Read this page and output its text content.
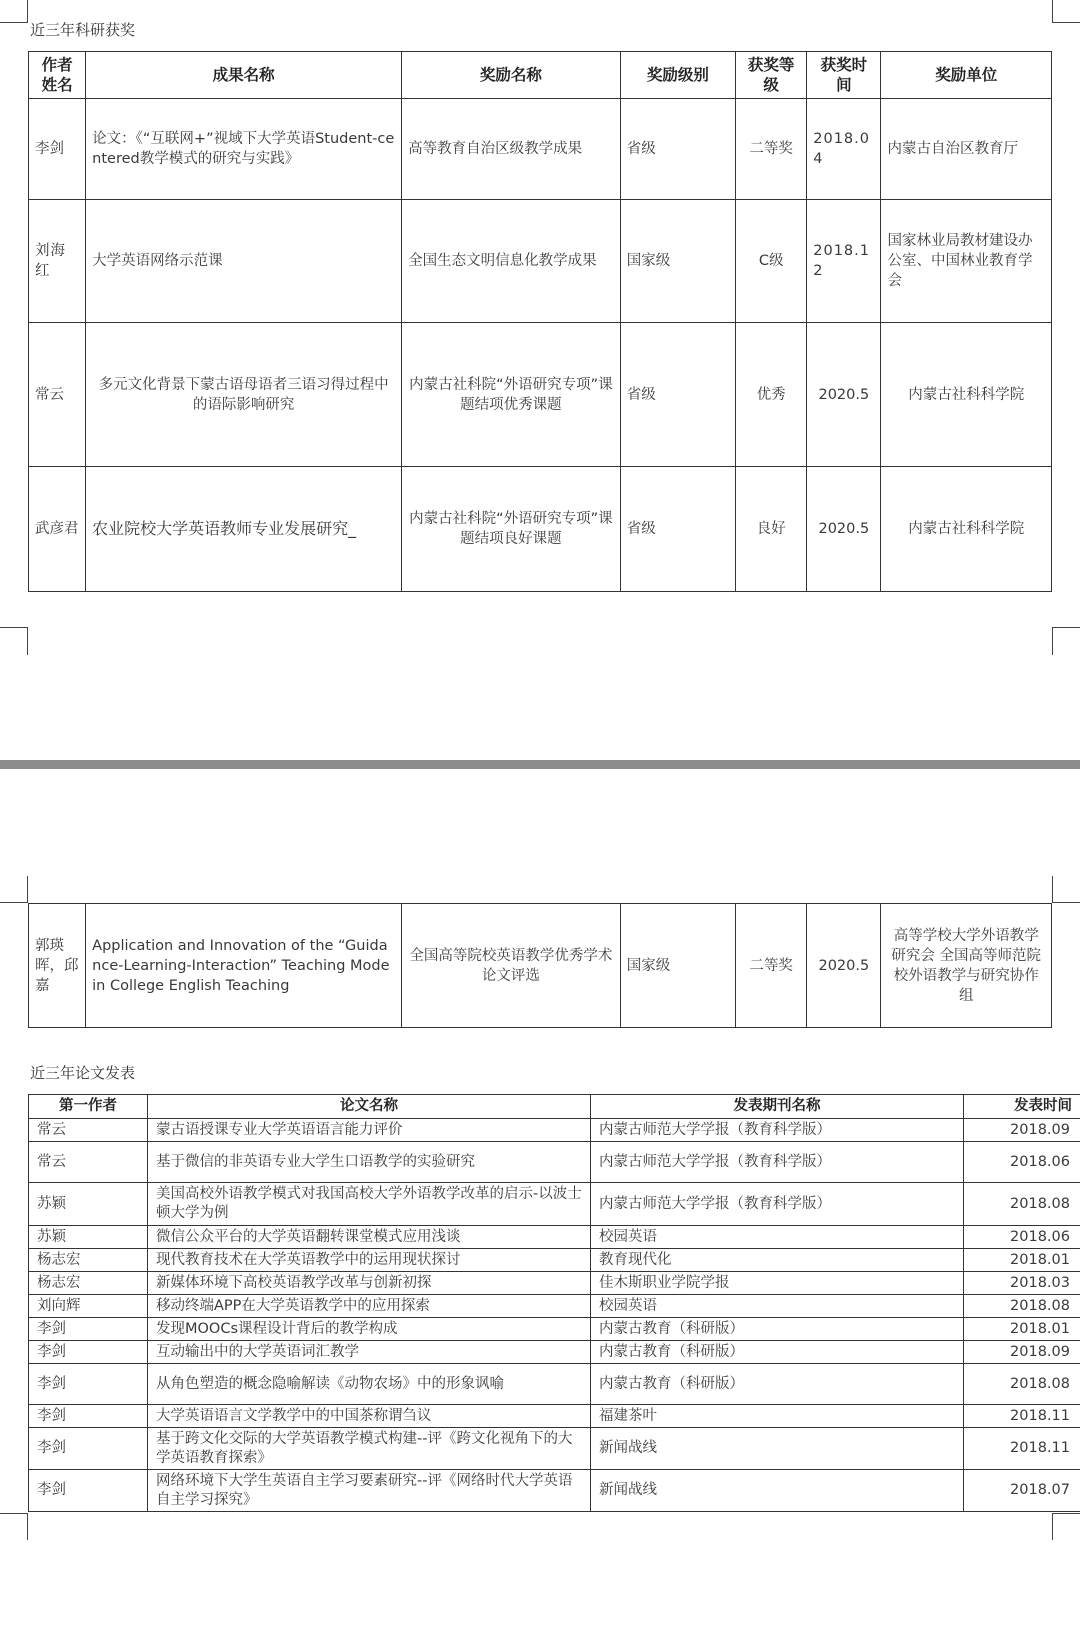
近三年科研获奖
作者姓名	成果名称	奖励名称	奖励级别	获奖等级	获奖时间	奖励单位
李剑	论文：《“互联网+”视域下大学英语Student-centered教学模式的研究与实践》	高等教育自治区级教学成果	省级	二等奖	2018.04	内蒙古自治区教育厅
刘海红	大学英语网络示范课	全国生态文明信息化教学成果	国家级	C级	2018.12	国家林业局教材建设办公室、中国林业教育学会
常云	多元文化背景下蒙古语母语者三语习得过程中的语际影响研究	内蒙古社科院“外语研究专项”课题结项优秀课题	省级	优秀	2020.5	内蒙古社科科学院
武彦君	农业院校大学英语教师专业发展研究_	内蒙古社科院“外语研究专项”课题结项良好课题	省级	良好	2020.5	内蒙古社科科学院
郭瑛晖，邱嘉	Application and Innovation of the “Guidance-Learning-Interaction” Teaching Mode in College English Teaching	全国高等院校英语教学优秀学术论文评选	国家级	二等奖	2020.5	高等学校大学外语教学研究会 全国高等师范院校外语教学与研究协作组
近三年论文发表
第一作者	论文名称	发表期刊名称	发表时间
常云	蒙古语授课专业大学英语语言能力评价	内蒙古师范大学学报（教育科学版）	2018.09
常云	基于微信的非英语专业大学生口语教学的实验研究	内蒙古师范大学学报（教育科学版）	2018.06
苏颖	美国高校外语教学模式对我国高校大学外语教学改革的启示-以波士顿大学为例	内蒙古师范大学学报（教育科学版）	2018.08
苏颖	微信公众平台的大学英语翻转课堂模式应用浅谈	校园英语	2018.06
杨志宏	现代教育技术在大学英语教学中的运用现状探讨	教育现代化	2018.01
杨志宏	新媒体环境下高校英语教学改革与创新初探	佳木斯职业学院学报	2018.03
刘向辉	移动终端APP在大学英语教学中的应用探索	校园英语	2018.08
李剑	发现MOOCs课程设计背后的教学构成	内蒙古教育（科研版）	2018.01
李剑	互动输出中的大学英语词汇教学	内蒙古教育（科研版）	2018.09
李剑	从角色塑造的概念隐喻解读《动物农场》中的形象讽喻	内蒙古教育（科研版）	2018.08
李剑	大学英语语言文学教学中的中国茶称谓刍议	福建茶叶	2018.11
李剑	基于跨文化交际的大学英语教学模式构建--评《跨文化视角下的大学英语教育探索》	新闻战线	2018.11
李剑	网络环境下大学生英语自主学习要素研究--评《网络时代大学英语自主学习探究》	新闻战线	2018.07
